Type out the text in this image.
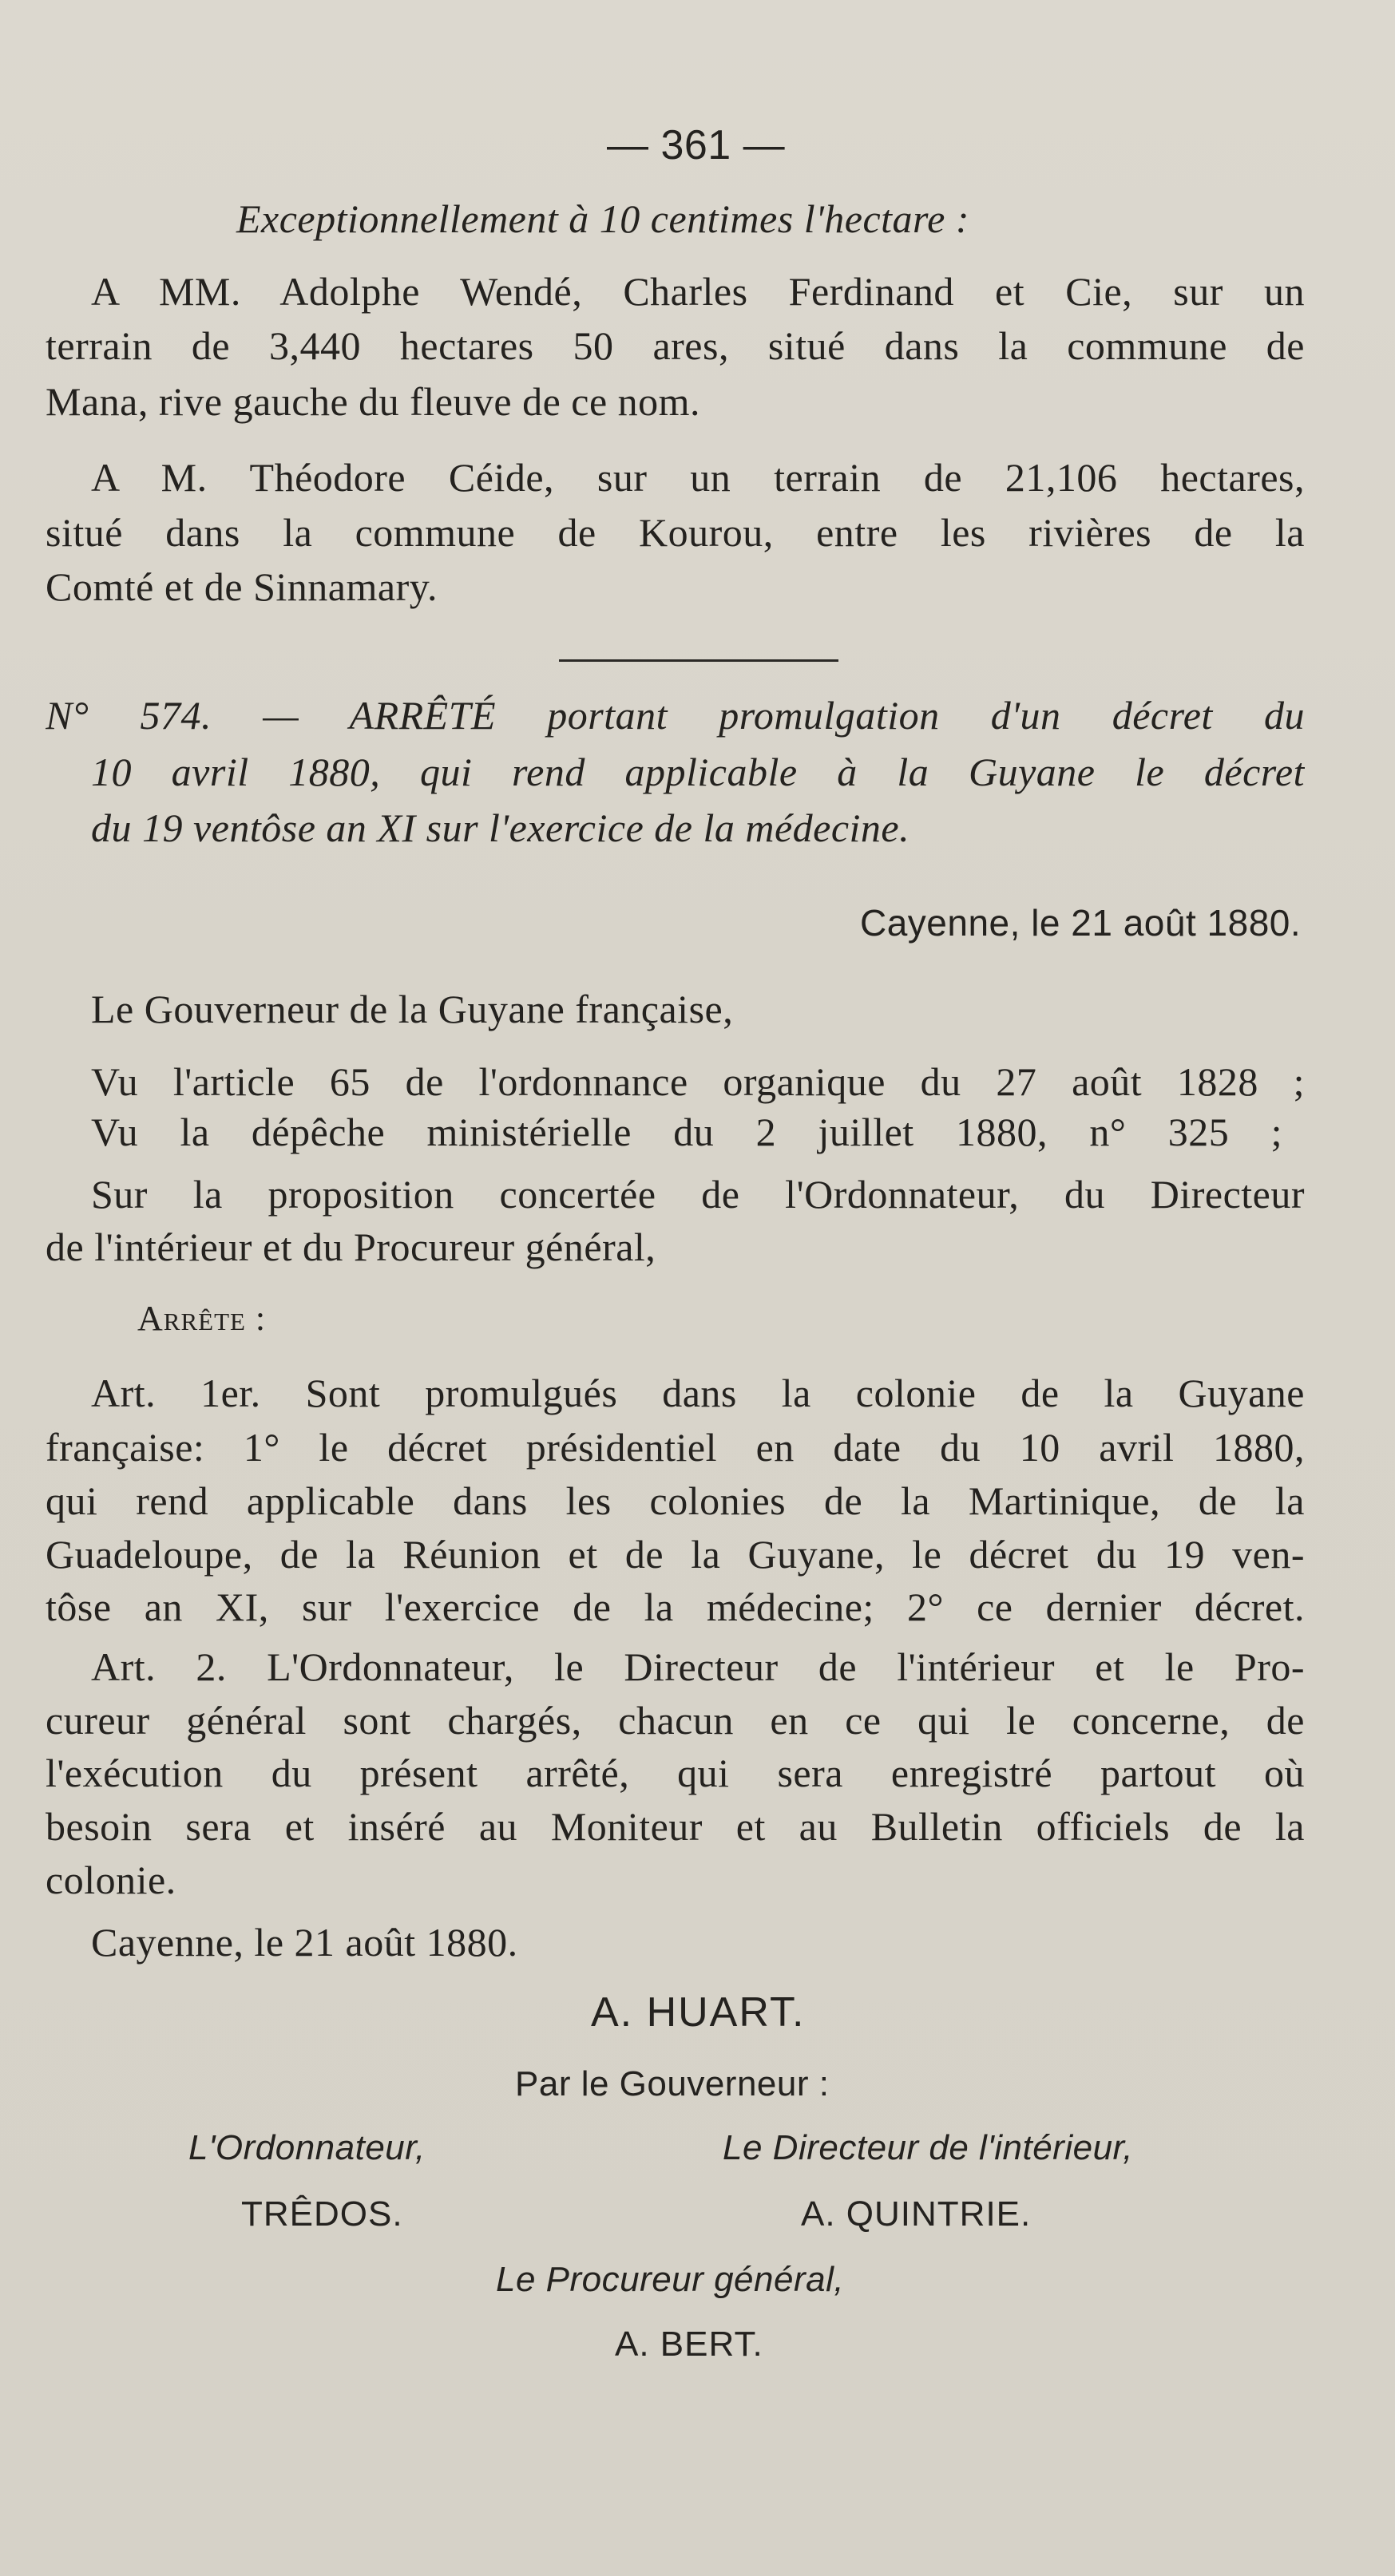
— 361 —
Exceptionnellement à 10 centimes l'hectare :
A MM. Adolphe Wendé, Charles Ferdinand et Cie, sur un
terrain de 3,440 hectares 50 ares, situé dans la commune de
Mana, rive gauche du fleuve de ce nom.
A M. Théodore Céide, sur un terrain de 21,106 hectares,
situé dans la commune de Kourou, entre les rivières de la
Comté et de Sinnamary.
N° 574. — ARRÊTÉ portant promulgation d'un décret du
10 avril 1880, qui rend applicable à la Guyane le décret
du 19 ventôse an XI sur l'exercice de la médecine.
Cayenne, le 21 août 1880.
Le Gouverneur de la Guyane française,
Vu l'article 65 de l'ordonnance organique du 27 août 1828 ;
Vu la dépêche ministérielle du 2 juillet 1880, n° 325 ;
Sur la proposition concertée de l'Ordonnateur, du Directeur
de l'intérieur et du Procureur général,
Arrête :
Art. 1er. Sont promulgués dans la colonie de la Guyane
française: 1° le décret présidentiel en date du 10 avril 1880,
qui rend applicable dans les colonies de la Martinique, de la
Guadeloupe, de la Réunion et de la Guyane, le décret du 19 ven-
tôse an XI, sur l'exercice de la médecine; 2° ce dernier décret.
Art. 2. L'Ordonnateur, le Directeur de l'intérieur et le Pro-
cureur général sont chargés, chacun en ce qui le concerne, de
l'exécution du présent arrêté, qui sera enregistré partout où
besoin sera et inséré au Moniteur et au Bulletin officiels de la
colonie.
Cayenne, le 21 août 1880.
A. HUART.
Par le Gouverneur :
L'Ordonnateur,	Le Directeur de l'intérieur,
TRÊDOS.	A. QUINTRIE.
Le Procureur général,
A. BERT.
